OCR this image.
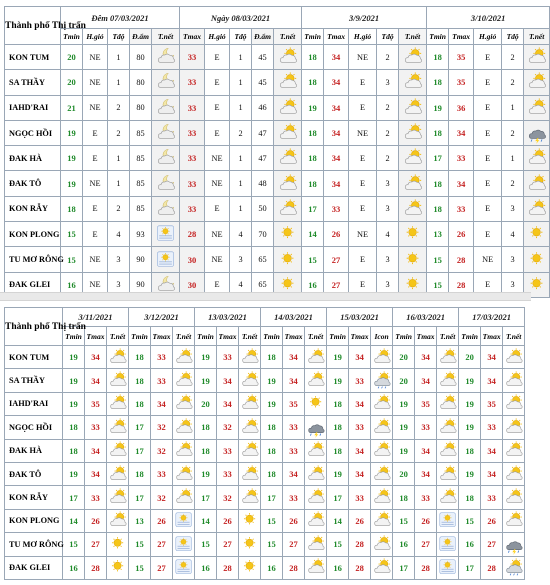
Thành phố Thị trấn	Đêm 07/03/2021					Ngày 08/03/2021					3/9/2021					3/10/2021				
	Tmin	H.gió	Tđộ	Đ.ẩm	T.nết	Tmax	H.gió	Tđộ	Đ.ẩm	T.nết	Tmin	Tmax	H.gió	Tđộ	T.nết	Tmin	Tmax	H.gió	Tđộ	T.nết
KON TUM	20	NE	1	80		33	E	1	45		18	34	NE	2		18	35	E	2	
SA THẦY	20	NE	1	80		33	E	1	45		18	34	E	3		18	35	E	2	
IAHD'RAI	21	NE	2	80		33	E	1	46		19	34	E	2		19	36	E	1	
NGỌC HỒI	19	E	2	85		33	E	2	47		18	34	NE	2		18	34	E	2	
ĐAK HÀ	19	E	1	85		33	NE	1	47		18	34	E	2		17	33	E	1	
ĐAK TÔ	19	NE	1	85		33	NE	1	48		18	34	E	3		18	34	E	2	
KON RẪY	18	E	2	85		33	E	1	50		17	33	E	3		18	33	E	3	
KON PLONG	15	E	4	93	.	28	NE	4	70		14	26	NE	4		13	26	E	4	
TU MƠ RÔNG	15	NE	3	90	.	30	NE	3	65		15	27	E	3		15	28	NE	3	
ĐAK GLEI	16	NE	3	90		30	E	4	65		16	27	E	3		15	28	E	3	
Thành phố Thị trấn	3/11/2021			3/12/2021			13/03/2021			14/03/2021			15/03/2021			16/03/2021			17/03/2021		
	Tmin	Tmax	T.nết	Tmin	Tmax	T.nết	Tmin	Tmax	T.nết	Tmin	Tmax	T.nết	Tmin	Tmax	Icon	Tmin	Tmax	T.nết	Tmin	Tmax	T.nết
KON TUM	19	34		18	33		19	33		18	34		19	34		20	34		20	34	
SA THẦY	19	34		18	33		19	34		19	34		19	33		20	34		19	34	
IAHD'RAI	19	35		18	34		20	34		19	35		18	34		19	35		19	35	
NGỌC HỒI	18	33		17	32		18	32		18	33		18	33		19	33		19	33	
ĐAK HÀ	18	34		17	32		18	33		18	33		18	34		19	34		18	34	
ĐAK TÔ	19	34		18	33		19	33		18	34		19	34		20	34		19	34	
KON RẪY	17	33		17	32		17	32		17	33		17	33		18	33		18	33	
KON PLONG	14	26		13	26	.	14	26		15	26		14	26		15	26	.	15	26	
TU MƠ RÔNG	15	27		15	27	.	15	27		15	27		15	28		16	27	.	16	27	
ĐAK GLEI	16	28		15	27	.	16	28		16	28		16	28		17	28	.	17	28	
